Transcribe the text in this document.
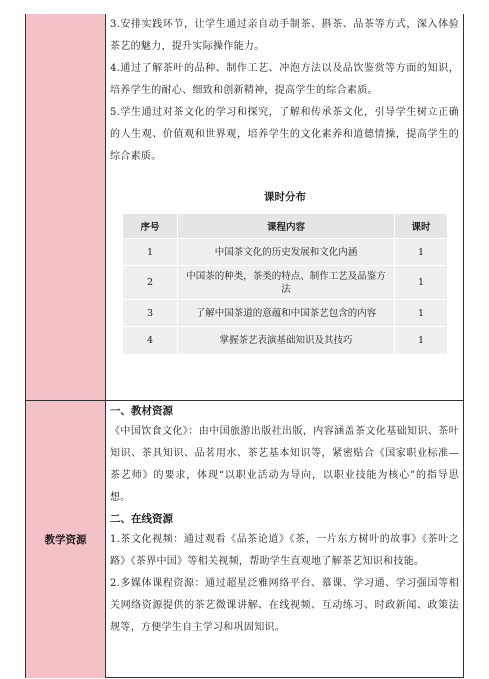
教学资源

3.安排实践环节，让学生通过亲自动手制茶、斟茶、品茶等方式，深入体验茶艺的魅力，提升实际操作能力。

4.通过了解茶叶的品种、制作工艺、冲泡方法以及品饮鉴赏等方面的知识，培养学生的耐心、细致和创新精神，提高学生的综合素质。

5.学生通过对茶文化的学习和探究，了解和传承茶文化，引导学生树立正确的人生观、价值观和世界观，培养学生的文化素养和道德情操，提高学生的综合素质。

课时分布
序号	课程内容	课时
1	中国茶文化的历史发展和文化内涵	1
2	中国茶的种类，茶类的特点、制作工艺及品鉴方法	1
3	了解中国茶道的意蕴和中国茶艺包含的内容	1
4	掌握茶艺表演基础知识及其技巧	1
一、教材资源

《中国饮食文化》：由中国旅游出版社出版，内容涵盖茶文化基础知识、茶叶知识、茶具知识、品茗用水、茶艺基本知识等，紧密贴合《国家职业标准—茶艺师》的要求，体现“以职业活动为导向，以职业技能为核心”的指导思想。

二、在线资源

1.茶文化视频：通过观看《品茶论道》《茶，一片东方树叶的故事》《茶叶之路》《茶界中国》等相关视频，帮助学生直观地了解茶艺知识和技能。

2.多媒体课程资源：通过超星泛雅网络平台、慕课、学习通、学习强国等相关网络资源提供的茶艺微课讲解、在线视频、互动练习、时政新闻、政策法规等，方便学生自主学习和巩固知识。
